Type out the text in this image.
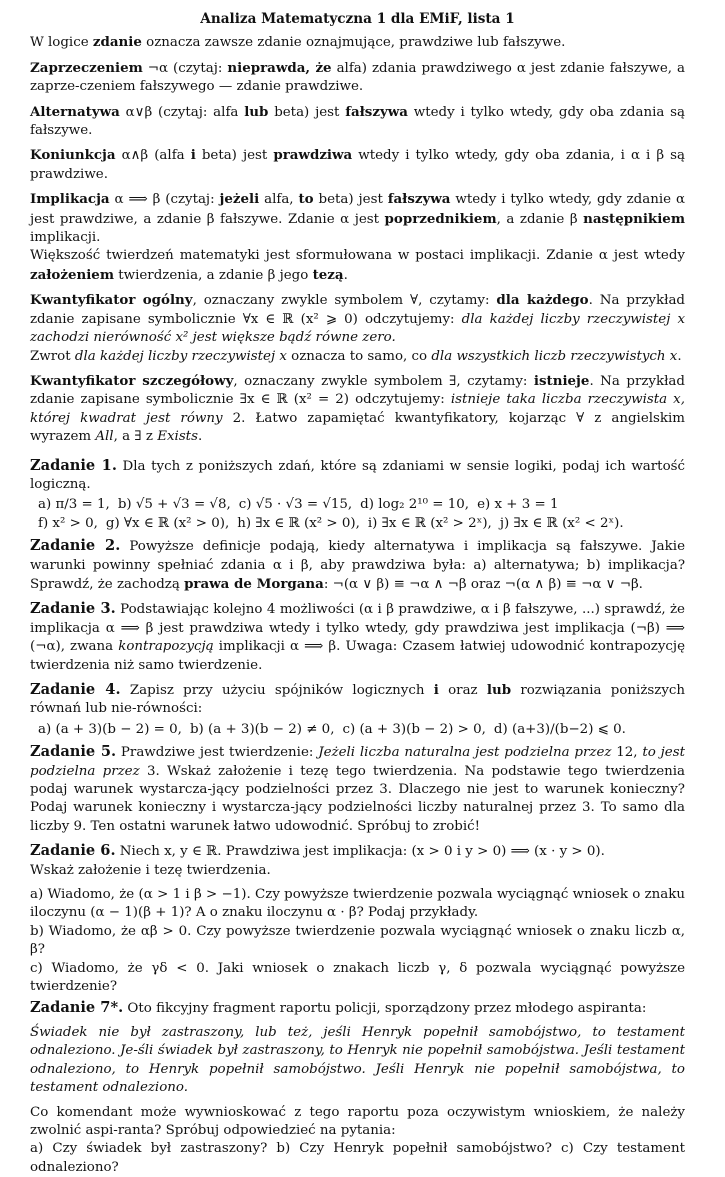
Analiza Matematyczna 1 dla EMiF, lista 1

W logice zdanie oznacza zawsze zdanie oznajmujące, prawdziwe lub fałszywe.

Zaprzeczeniem ¬α (czytaj: nieprawda, że alfa) zdania prawdziwego α jest zdanie fałszywe, a zaprze-czeniem fałszywego — zdanie prawdziwe.

Alternatywa α∨β (czytaj: alfa lub beta) jest fałszywa wtedy i tylko wtedy, gdy oba zdania są fałszywe.

Koniunkcja α∧β (alfa i beta) jest prawdziwa wtedy i tylko wtedy, gdy oba zdania, i α i β są prawdziwe.

Implikacja α ⟹ β (czytaj: jeżeli alfa, to beta) jest fałszywa wtedy i tylko wtedy, gdy zdanie α jest prawdziwe, a zdanie β fałszywe. Zdanie α jest poprzednikiem, a zdanie β następnikiem implikacji.
Większość twierdzeń matematyki jest sformułowana w postaci implikacji. Zdanie α jest wtedy założeniem twierdzenia, a zdanie β jego tezą.

Kwantyfikator ogólny, oznaczany zwykle symbolem ∀, czytamy: dla każdego. Na przykład zdanie zapisane symbolicznie ∀x ∈ ℝ (x² ⩾ 0) odczytujemy: dla każdej liczby rzeczywistej x zachodzi nierówność x² jest większe bądź równe zero.
Zwrot dla każdej liczby rzeczywistej x oznacza to samo, co dla wszystkich liczb rzeczywistych x.

Kwantyfikator szczegółowy, oznaczany zwykle symbolem ∃, czytamy: istnieje. Na przykład zdanie zapisane symbolicznie ∃x ∈ ℝ (x² = 2) odczytujemy: istnieje taka liczba rzeczywista x, której kwadrat jest równy 2. Łatwo zapamiętać kwantyfikatory, kojarząc ∀ z angielskim wyrazem All, a ∃ z Exists.

Zadanie 1. Dla tych z poniższych zdań, które są zdaniami w sensie logiki, podaj ich wartość logiczną.

a) π/3 = 1, b) √5 + √3 = √8, c) √5 · √3 = √15, d) log₂ 2¹⁰ = 10, e) x + 3 = 1
f) x² > 0, g) ∀x ∈ ℝ (x² > 0), h) ∃x ∈ ℝ (x² > 0), i) ∃x ∈ ℝ (x² > 2ˣ), j) ∃x ∈ ℝ (x² < 2ˣ).

Zadanie 2. Powyższe definicje podają, kiedy alternatywa i implikacja są fałszywe. Jakie warunki powinny spełniać zdania α i β, aby prawdziwa była: a) alternatywa; b) implikacja? Sprawdź, że zachodzą prawa de Morgana: ¬(α ∨ β) ≡ ¬α ∧ ¬β oraz ¬(α ∧ β) ≡ ¬α ∨ ¬β.

Zadanie 3. Podstawiając kolejno 4 możliwości (α i β prawdziwe, α i β fałszywe, ...) sprawdź, że implikacja α ⟹ β jest prawdziwa wtedy i tylko wtedy, gdy prawdziwa jest implikacja (¬β) ⟹ (¬α), zwana kontrapozycją implikacji α ⟹ β. Uwaga: Czasem łatwiej udowodnić kontrapozycję twierdzenia niż samo twierdzenie.

Zadanie 4. Zapisz przy użyciu spójników logicznych i oraz lub rozwiązania poniższych równań lub nie-równości:

a) (a + 3)(b − 2) = 0, b) (a + 3)(b − 2) ≠ 0, c) (a + 3)(b − 2) > 0, d) (a+3)/(b−2) ⩽ 0.

Zadanie 5. Prawdziwe jest twierdzenie: Jeżeli liczba naturalna jest podzielna przez 12, to jest podzielna przez 3. Wskaż założenie i tezę tego twierdzenia. Na podstawie tego twierdzenia podaj warunek wystarcza-jący podzielności przez 3. Dlaczego nie jest to warunek konieczny? Podaj warunek konieczny i wystarcza-jący podzielności liczby naturalnej przez 3. To samo dla liczby 9. Ten ostatni warunek łatwo udowodnić. Spróbuj to zrobić!

Zadanie 6. Niech x, y ∈ ℝ. Prawdziwa jest implikacja: (x > 0 i y > 0) ⟹ (x · y > 0).
Wskaż założenie i tezę twierdzenia.

a) Wiadomo, że (α > 1 i β > −1). Czy powyższe twierdzenie pozwala wyciągnąć wniosek o znaku iloczynu (α − 1)(β + 1)? A o znaku iloczynu α · β? Podaj przykłady.
b) Wiadomo, że αβ > 0. Czy powyższe twierdzenie pozwala wyciągnąć wniosek o znaku liczb α, β?
c) Wiadomo, że γδ < 0. Jaki wniosek o znakach liczb γ, δ pozwala wyciągnąć powyższe twierdzenie?

Zadanie 7*. Oto fikcyjny fragment raportu policji, sporządzony przez młodego aspiranta:

Świadek nie był zastraszony, lub też, jeśli Henryk popełnił samobójstwo, to testament odnaleziono. Je-śli świadek był zastraszony, to Henryk nie popełnił samobójstwa. Jeśli testament odnaleziono, to Henryk popełnił samobójstwo. Jeśli Henryk nie popełnił samobójstwa, to testament odnaleziono.

Co komendant może wywnioskować z tego raportu poza oczywistym wnioskiem, że należy zwolnić aspi-ranta? Spróbuj odpowiedzieć na pytania:
a) Czy świadek był zastraszony? b) Czy Henryk popełnił samobójstwo? c) Czy testament odnaleziono?
